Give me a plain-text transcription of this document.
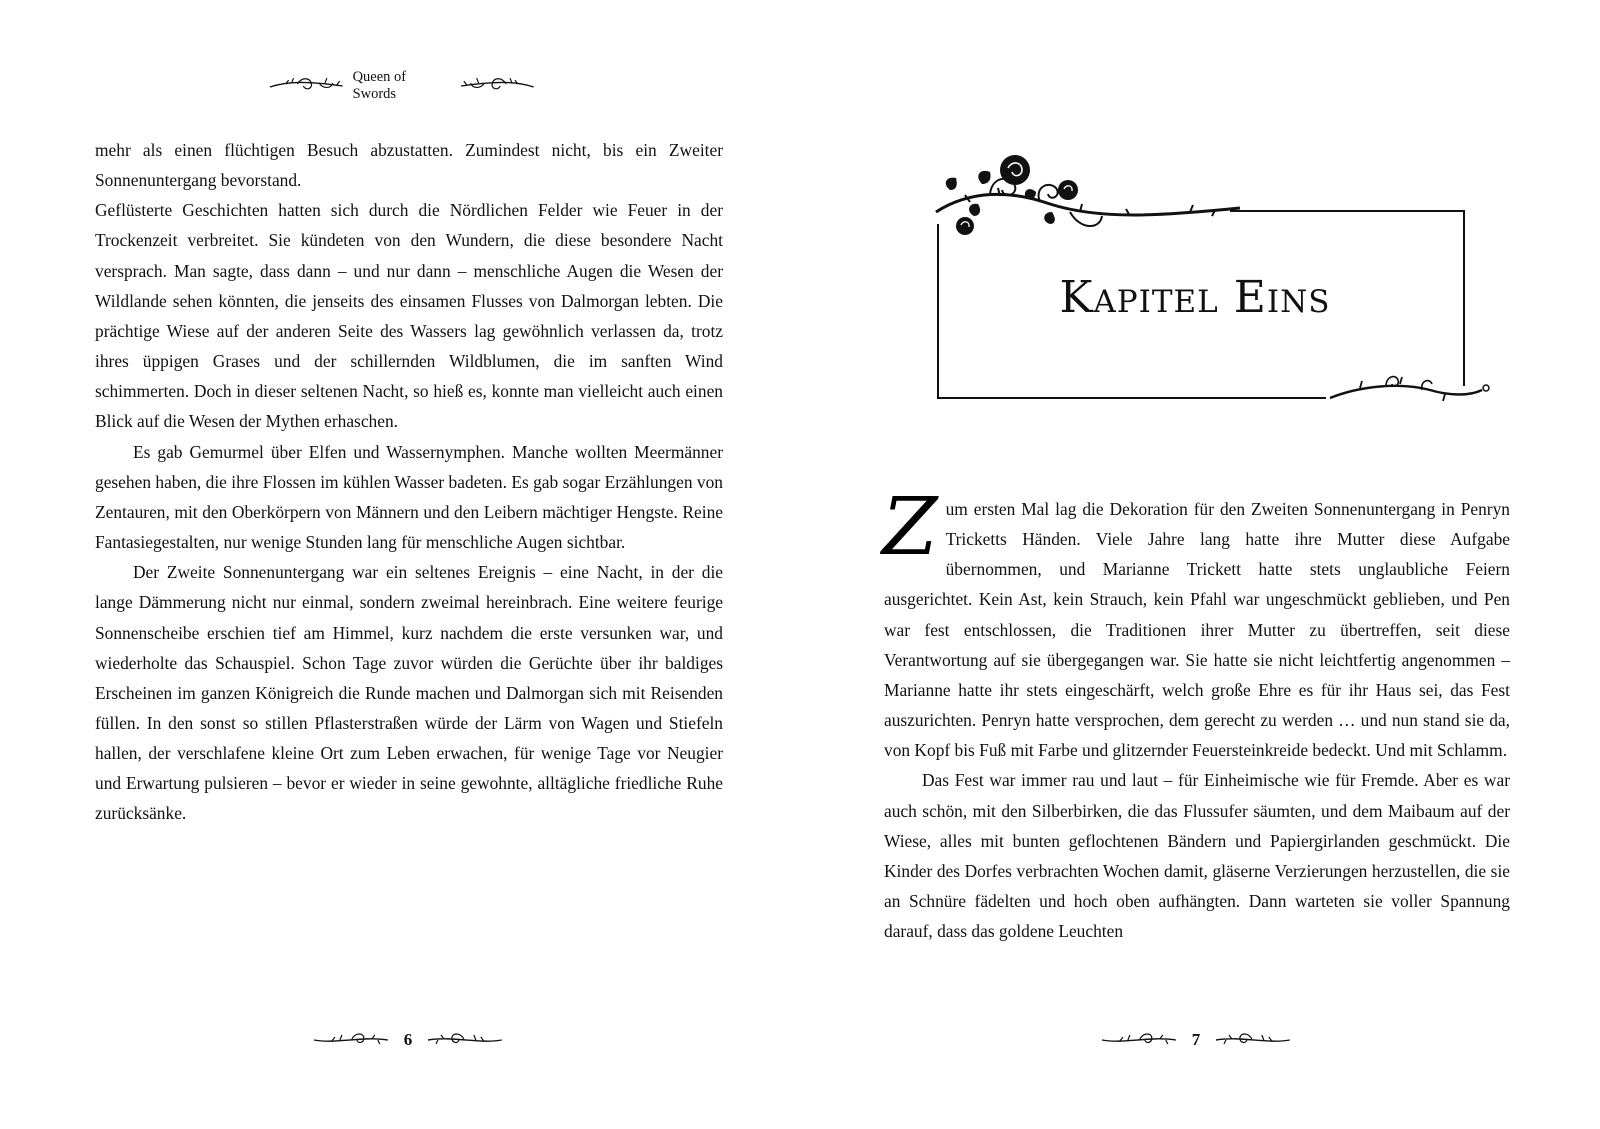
Queen of Swords

mehr als einen flüchtigen Besuch abzustatten. Zumindest nicht, bis ein Zweiter Sonnenuntergang bevorstand.

Geflüsterte Geschichten hatten sich durch die Nördlichen Felder wie Feuer in der Trockenzeit verbreitet. Sie kündeten von den Wundern, die diese besondere Nacht versprach. Man sagte, dass dann – und nur dann – menschliche Augen die Wesen der Wildlande sehen könnten, die jenseits des einsamen Flusses von Dalmorgan lebten. Die prächtige Wiese auf der anderen Seite des Wassers lag gewöhnlich verlassen da, trotz ihres üppigen Grases und der schillernden Wildblumen, die im sanften Wind schimmerten. Doch in dieser seltenen Nacht, so hieß es, konnte man vielleicht auch einen Blick auf die Wesen der Mythen erhaschen.

Es gab Gemurmel über Elfen und Wassernymphen. Manche wollten Meermänner gesehen haben, die ihre Flossen im kühlen Wasser badeten. Es gab sogar Erzählungen von Zentauren, mit den Oberkörpern von Männern und den Leibern mächtiger Hengste. Reine Fantasiegestalten, nur wenige Stunden lang für menschliche Augen sichtbar.

Der Zweite Sonnenuntergang war ein seltenes Ereignis – eine Nacht, in der die lange Dämmerung nicht nur einmal, sondern zweimal hereinbrach. Eine weitere feurige Sonnenscheibe erschien tief am Himmel, kurz nachdem die erste versunken war, und wiederholte das Schauspiel. Schon Tage zuvor würden die Gerüchte über ihr baldiges Erscheinen im ganzen Königreich die Runde machen und Dalmorgan sich mit Reisenden füllen. In den sonst so stillen Pflasterstraßen würde der Lärm von Wagen und Stiefeln hallen, der verschlafene kleine Ort zum Leben erwachen, für wenige Tage vor Neugier und Erwartung pulsieren – bevor er wieder in seine gewohnte, alltägliche friedliche Ruhe zurücksänke.

6
Kapitel Eins

Zum ersten Mal lag die Dekoration für den Zweiten Sonnenuntergang in Penryn Tricketts Händen. Viele Jahre lang hatte ihre Mutter diese Aufgabe übernommen, und Marianne Trickett hatte stets unglaubliche Feiern ausgerichtet. Kein Ast, kein Strauch, kein Pfahl war ungeschmückt geblieben, und Pen war fest entschlossen, die Traditionen ihrer Mutter zu übertreffen, seit diese Verantwortung auf sie übergegangen war. Sie hatte sie nicht leichtfertig angenommen – Marianne hatte ihr stets eingeschärft, welch große Ehre es für ihr Haus sei, das Fest auszurichten. Penryn hatte versprochen, dem gerecht zu werden … und nun stand sie da, von Kopf bis Fuß mit Farbe und glitzernder Feuersteinkreide bedeckt. Und mit Schlamm.

Das Fest war immer rau und laut – für Einheimische wie für Fremde. Aber es war auch schön, mit den Silberbirken, die das Flussufer säumten, und dem Maibaum auf der Wiese, alles mit bunten geflochtenen Bändern und Papiergirlanden geschmückt. Die Kinder des Dorfes verbrachten Wochen damit, gläserne Verzierungen herzustellen, die sie an Schnüre fädelten und hoch oben aufhängten. Dann warteten sie voller Spannung darauf, dass das goldene Leuchten

7
